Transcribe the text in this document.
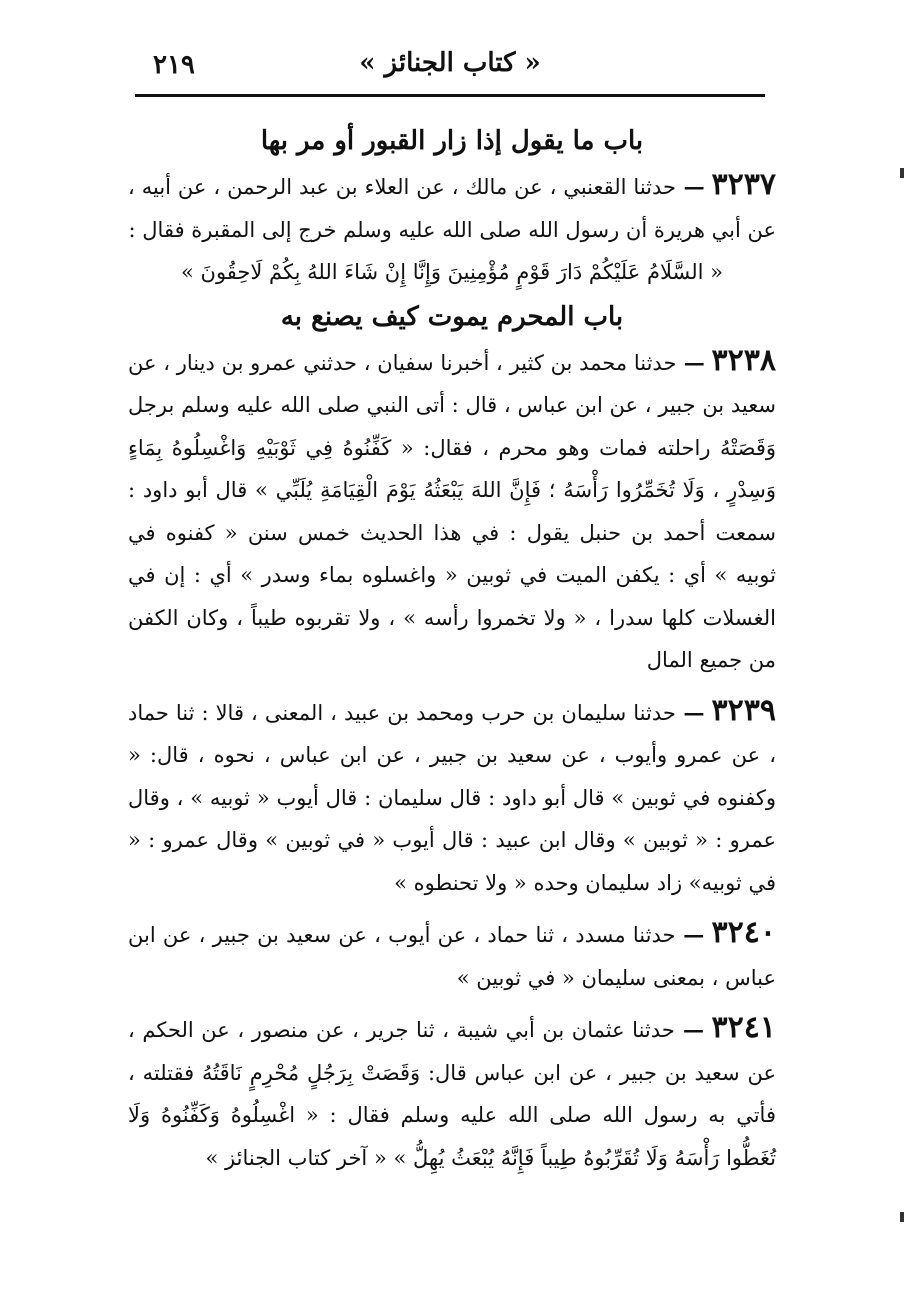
« كتاب الجنائز »
٢١٩
باب ما يقول إذا زار القبور أو مر بها

٣٢٣٧ — حدثنا القعنبي ، عن مالك ، عن العلاء بن عبد الرحمن ، عن أبيه ، عن أبي هريرة أن رسول الله صلى الله عليه وسلم خرج إلى المقبرة فقال :

« السَّلَامُ عَلَيْكُمْ دَارَ قَوْمٍ مُؤْمِنِينَ وَإِنَّا إِنْ شَاءَ اللهُ بِكُمْ لَاحِقُونَ »

باب المحرم يموت كيف يصنع به

٣٢٣٨ — حدثنا محمد بن كثير ، أخبرنا سفيان ، حدثني عمرو بن دينار ، عن سعيد بن جبير ، عن ابن عباس ، قال : أتى النبي صلى الله عليه وسلم برجل وَقَصَتْهُ راحلته فمات وهو محرم ، فقال: « كَفِّنُوهُ فِي ثَوْبَيْهِ وَاغْسِلُوهُ بِمَاءٍ وَسِدْرٍ ، وَلَا تُخَمِّرُوا رَأْسَهُ ؛ فَإِنَّ اللهَ يَبْعَثُهُ يَوْمَ الْقِيَامَةِ يُلَبِّي » قال أبو داود : سمعت أحمد بن حنبل يقول : في هذا الحديث خمس سنن « كفنوه في ثوبيه » أي : يكفن الميت في ثوبين « واغسلوه بماء وسدر » أي : إن في الغسلات كلها سدرا ، « ولا تخمروا رأسه » ، ولا تقربوه طيباً ، وكان الكفن من جميع المال

٣٢٣٩ — حدثنا سليمان بن حرب ومحمد بن عبيد ، المعنى ، قالا : ثنا حماد ، عن عمرو وأيوب ، عن سعيد بن جبير ، عن ابن عباس ، نحوه ، قال: « وكفنوه في ثوبين » قال أبو داود : قال سليمان : قال أيوب « ثوبيه » ، وقال عمرو : « ثوبين » وقال ابن عبيد : قال أيوب « في ثوبين » وقال عمرو : « في ثوبيه» زاد سليمان وحده « ولا تحنطوه »

٣٢٤٠ — حدثنا مسدد ، ثنا حماد ، عن أيوب ، عن سعيد بن جبير ، عن ابن عباس ، بمعنى سليمان « في ثوبين »

٣٢٤١ — حدثنا عثمان بن أبي شيبة ، ثنا جرير ، عن منصور ، عن الحكم ، عن سعيد بن جبير ، عن ابن عباس قال: وَقَصَتْ بِرَجُلٍ مُحْرِمٍ نَاقَتُهُ فقتلته ، فأتي به رسول الله صلى الله عليه وسلم فقال : « اغْسِلُوهُ وَكَفِّنُوهُ وَلَا تُغَطُّوا رَأْسَهُ وَلَا تُقَرِّبُوهُ طِيباً فَإِنَّهُ يُبْعَثُ يُهِلُّ » « آخر كتاب الجنائز »
